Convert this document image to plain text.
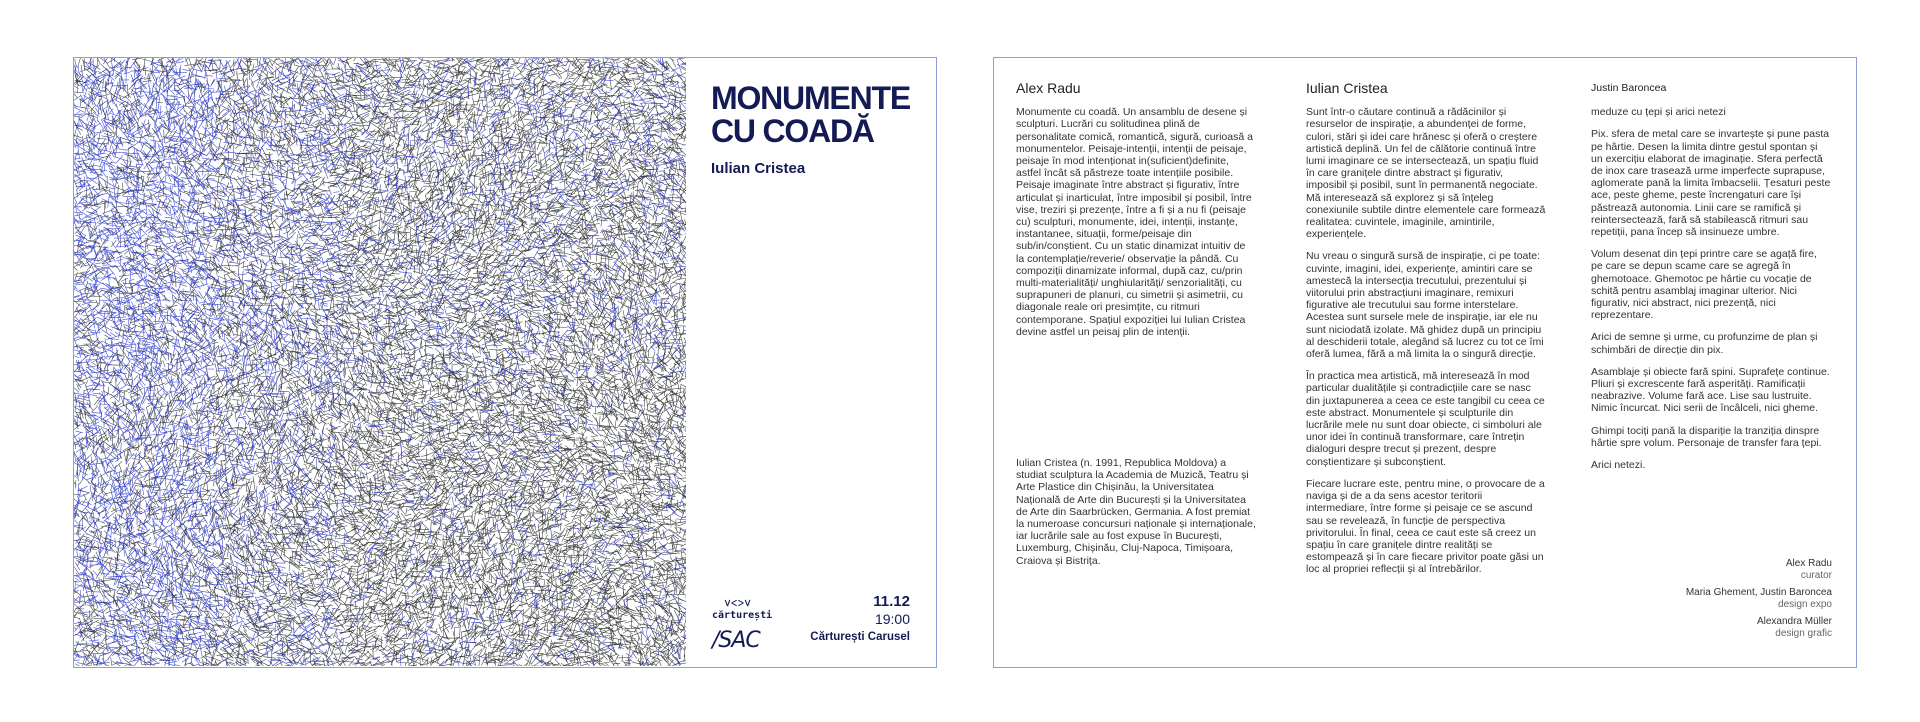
MONUMENTE
CU COADĂ
Iulian Cristea
ᐯᐸᐳᐯ
cărturești
/SAC
11.12
19:00
Cărturești Carusel
Alex Radu

Monumente cu coadă. Un ansamblu de desene și sculpturi. Lucrări cu solitudinea plină de personalitate comică, romantică, sigură, curioasă a monumentelor. Peisaje-intenții, intenții de peisaje, peisaje în mod intenționat in(suficient)definite, astfel încât să păstreze toate intențiile posibile. Peisaje imaginate între abstract și figurativ, între articulat și inarticulat, între imposibil și posibil, între vise, treziri și prezențe, între a fi și a nu fi (peisaje cu) sculpturi, monumente, idei, intenții, instanțe, instantanee, situații, forme/peisaje din sub/in/conștient. Cu un static dinamizat intuitiv de la contemplație/reverie/ observație la pândă. Cu compoziții dinamizate informal, după caz, cu/prin multi-materialități/ unghiularități/ senzorialități, cu suprapuneri de planuri, cu simetrii și asimetrii, cu diagonale reale ori presimțite, cu ritmuri contemporane. Spațiul expoziției lui Iulian Cristea devine astfel un peisaj plin de intenții.

Iulian Cristea (n. 1991, Republica Moldova) a studiat sculptura la Academia de Muzică, Teatru și Arte Plastice din Chișinău, la Universitatea Națională de Arte din București și la Universitatea de Arte din Saarbrücken, Germania. A fost premiat la numeroase concursuri naționale și internaționale, iar lucrările sale au fost expuse în București, Luxemburg, Chișinău, Cluj-Napoca, Timișoara, Craiova și Bistrița.
Iulian Cristea

Sunt într-o căutare continuă a rădăcinilor și resurselor de inspirație, a abundenței de forme, culori, stări și idei care hrănesc și oferă o creștere artistică deplină. Un fel de călătorie continuă între lumi imaginare ce se intersectează, un spațiu fluid în care granițele dintre abstract și figurativ, imposibil și posibil, sunt în permanentă negociate. Mă interesează să explorez și să înțeleg conexiunile subtile dintre elementele care formează realitatea: cuvintele, imaginile, amintirile, experiențele.

Nu vreau o singură sursă de inspirație, ci pe toate: cuvinte, imagini, idei, experiențe, amintiri care se amestecă la intersecția trecutului, prezentului și viitorului prin abstracțiuni imaginare, remixuri figurative ale trecutului sau forme interstelare. Acestea sunt sursele mele de inspirație, iar ele nu sunt niciodată izolate. Mă ghidez după un principiu al deschiderii totale, alegând să lucrez cu tot ce îmi oferă lumea, fără a mă limita la o singură direcție.

În practica mea artistică, mă interesează în mod particular dualitățile și contradicțiile care se nasc din juxtapunerea a ceea ce este tangibil cu ceea ce este abstract. Monumentele și sculpturile din lucrările mele nu sunt doar obiecte, ci simboluri ale unor idei în continuă transformare, care întrețin dialoguri despre trecut și prezent, despre conștientizare și subconștient.

Fiecare lucrare este, pentru mine, o provocare de a naviga și de a da sens acestor teritorii intermediare, între forme și peisaje ce se ascund sau se revelează, în funcție de perspectiva privitorului. În final, ceea ce caut este să creez un spațiu în care granițele dintre realități se estompează și în care fiecare privitor poate găsi un loc al propriei reflecții și al întrebărilor.

Justin Baroncea

meduze cu țepi și arici netezi

Pix. sfera de metal care se invartește și pune pasta pe hârtie. Desen la limita dintre gestul spontan și un exercițiu elaborat de imaginație. Sfera perfectă de inox care trasează urme imperfecte suprapuse, aglomerate pană la limita îmbacselii. Țesaturi peste ace, peste gheme, peste încrengaturi care își păstrează autonomia. Linii care se ramifică și reintersectează, fară să stabilească ritmuri sau repetiții, pana încep să insinueze umbre.

Volum desenat din țepi printre care se agață fire, pe care se depun scame care se agregă în ghemotoace. Ghemotoc pe hârtie cu vocație de schită pentru asamblaj imaginar ulterior. Nici figurativ, nici abstract, nici prezență, nici reprezentare.

Arici de semne și urme, cu profunzime de plan și schimbări de direcție din pix.

Asamblaje și obiecte fară spini. Suprafețe continue. Pliuri și excrescente fară asperități. Ramificații neabrazive. Volume fară ace. Lise sau lustruite. Nimic încurcat. Nici serii de încâlceli, nici gheme.

Ghimpi tociți pană la dispariție la tranziția dinspre hârtie spre volum. Personaje de transfer fara țepi.

Arici netezi.

Alex Radu
curator
Maria Ghement, Justin Baroncea
design expo
Alexandra Müller
design grafic
